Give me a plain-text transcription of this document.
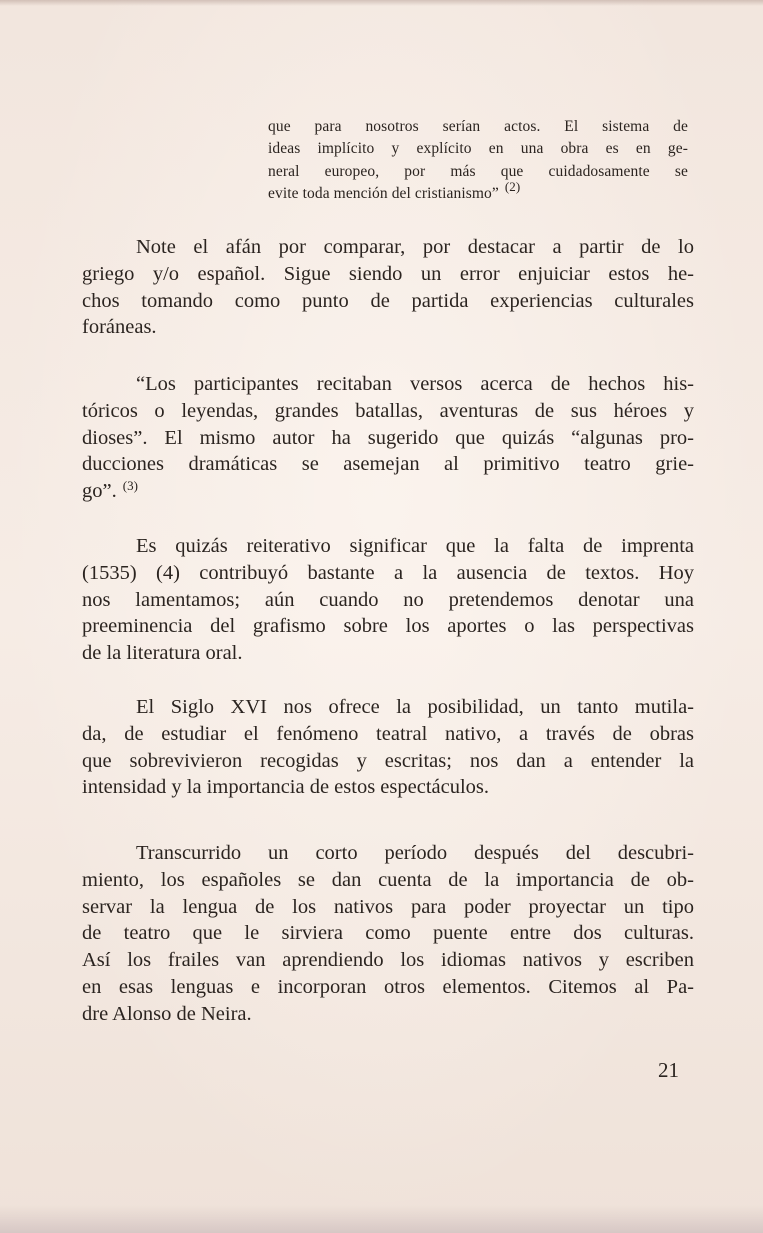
que para nosotros serían actos. El sistema de
ideas implícito y explícito en una obra es en ge-
neral europeo, por más que cuidadosamente se
evite toda mención del cristianismo” $^{(2)}$
Note el afán por comparar, por destacar a partir de lo
griego y/o español. Sigue siendo un error enjuiciar estos he-
chos tomando como punto de partida experiencias culturales
foráneas.
“Los participantes recitaban versos acerca de hechos his-
tóricos o leyendas, grandes batallas, aventuras de sus héroes y
dioses”. El mismo autor ha sugerido que quizás “algunas pro-
ducciones dramáticas se asemejan al primitivo teatro grie-
go”. $^{(3)}$
Es quizás reiterativo significar que la falta de imprenta
(1535) (4) contribuyó bastante a la ausencia de textos. Hoy
nos lamentamos; aún cuando no pretendemos denotar una
preeminencia del grafismo sobre los aportes o las perspectivas
de la literatura oral.
El Siglo XVI nos ofrece la posibilidad, un tanto mutila-
da, de estudiar el fenómeno teatral nativo, a través de obras
que sobrevivieron recogidas y escritas; nos dan a entender la
intensidad y la importancia de estos espectáculos.
Transcurrido un corto período después del descubri-
miento, los españoles se dan cuenta de la importancia de ob-
servar la lengua de los nativos para poder proyectar un tipo
de teatro que le sirviera como puente entre dos culturas.
Así los frailes van aprendiendo los idiomas nativos y escriben
en esas lenguas e incorporan otros elementos. Citemos al Pa-
dre Alonso de Neira.
21
